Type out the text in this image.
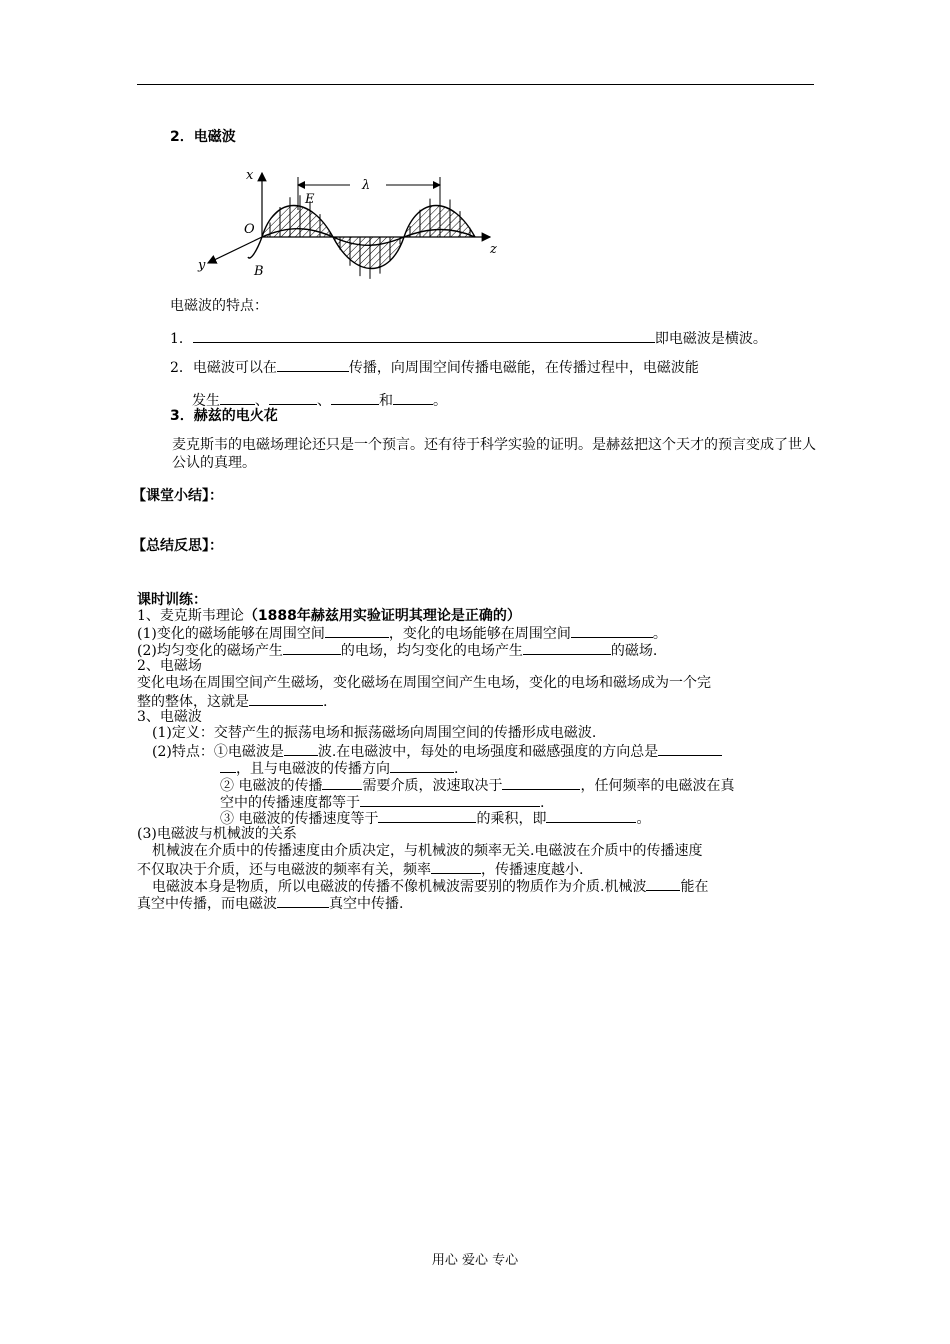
2．电磁波
x
E
λ
O
y	B
z
电磁波的特点：
1．	即电磁波是横波。
2．电磁波可以在	传播，向周围空间传播电磁能，在传播过程中，电磁波能
发生	、	、	和	。
3．赫兹的电火花
麦克斯韦的电磁场理论还只是一个预言。还有待于科学实验的证明。是赫兹把这个天才的预言变成了世人公认的真理。
【课堂小结】：
【总结反思】：
课时训练：
1、麦克斯韦理论（1888年赫兹用实验证明其理论是正确的）
(1)变化的磁场能够在周围空间	，变化的电场能够在周围空间	。
(2)均匀变化的磁场产生	的电场，均匀变化的电场产生	的磁场.
2、电磁场
变化电场在周围空间产生磁场，变化磁场在周围空间产生电场，变化的电场和磁场成为一个完
整的整体，这就是	.
3、电磁波
(1)定义：交替产生的振荡电场和振荡磁场向周围空间的传播形成电磁波.
(2)特点：①电磁波是 波.在电磁波中，每处的电场强度和磁感强度的方向总是
，且与电磁波的传播方向	.
② 电磁波的传播	需要介质，波速取决于	，任何频率的电磁波在真
空中的传播速度都等于	.
③ 电磁波的传播速度等于	的乘积，即	。
(3)电磁波与机械波的关系
机械波在介质中的传播速度由介质决定，与机械波的频率无关.电磁波在介质中的传播速度
不仅取决于介质，还与电磁波的频率有关，频率	，传播速度越小.
电磁波本身是物质，所以电磁波的传播不像机械波需要别的物质作为介质.机械波 能在
真空中传播，而电磁波	真空中传播.
用心 爱心 专心
